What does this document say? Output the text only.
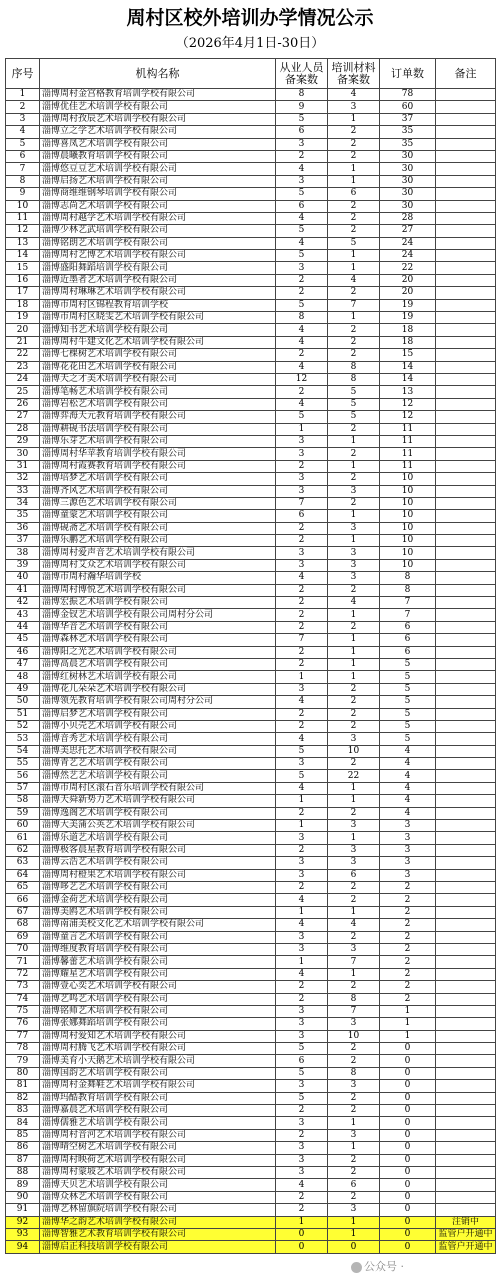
周村区校外培训办学情况公示
（2026年4月1日-30日）
序号	机构名称	从业人员备案数	培训材料备案数	订单数	备注
1	淄博周村金宫格教育培训学校有限公司	8	4	78	
2	淄博优佳艺术培训学校有限公司	9	3	60	
3	淄博周村孜辰艺术培训学校有限公司	5	1	37	
4	淄博立之学艺术培训学校有限公司	6	2	35	
5	淄博喜凤艺术培训学校有限公司	3	2	35	
6	淄博晨曦教育培训学校有限公司	2	2	30	
7	淄博悠豆豆艺术培训学校有限公司	4	1	30	
8	淄博启扬艺术培训学校有限公司	3	1	30	
9	淄博商维维钢琴培训学校有限公司	5	6	30	
10	淄博志尚艺术培训学校有限公司	6	2	30	
11	淄博周村越学艺术培训学校有限公司	4	2	28	
12	淄博少林艺武培训学校有限公司	5	2	27	
13	淄博铭朗艺术培训学校有限公司	4	5	24	
14	淄博周村艺博艺术培训学校有限公司	5	1	24	
15	淄博盛阳舞蹈培训学校有限公司	3	1	22	
16	淄博近墨者艺术培训学校有限公司	2	4	20	
17	淄博周村琳琳艺术培训学校有限公司	2	2	20	
18	淄博市周村区锦程教育培训学校	5	7	19	
19	淄博市周村区晓雯艺术培训学校有限公司	8	1	19	
20	淄博知书艺术培训学校有限公司	4	2	18	
21	淄博周村牛建文化艺术培训学校有限公司	4	2	18	
22	淄博七棵树艺术培训学校有限公司	2	2	15	
23	淄博花花田艺术培训学校有限公司	4	8	14	
24	淄博天之才美术培训学校有限公司	12	8	14	
25	淄博笔畅艺术培训学校有限公司	2	5	13	
26	淄博岩松艺术培训学校有限公司	4	5	12	
27	淄博弈海天元教育培训学校有限公司	5	5	12	
28	淄博耕砚书法培训学校有限公司	1	2	11	
29	淄博乐芽艺术培训学校有限公司	3	1	11	
30	淄博周村华苹教育培训学校有限公司	3	2	11	
31	淄博周村霞赛教育培训学校有限公司	2	1	11	
32	淄博培梦艺术培训学校有限公司	3	2	10	
33	淄博齐风艺术培训学校有限公司	3	3	10	
34	淄博三源色艺术培训学校有限公司	7	2	10	
35	淄博童蒙艺术培训学校有限公司	6	1	10	
36	淄博砚斋艺术培训学校有限公司	2	3	10	
37	淄博乐鹏艺术培训学校有限公司	2	1	10	
38	淄博周村爱声音艺术培训学校有限公司	3	3	10	
39	淄博周村艾众艺术培训学校有限公司	3	3	10	
40	淄博市周村瀚华培训学校	4	3	8	
41	淄博周村博悦艺术培训学校有限公司	2	2	8	
42	淄博宏振艺术培训学校有限公司	2	4	7	
43	淄博金钗艺术培训学校有限公司周村分公司	2	1	7	
44	淄博华音艺术培训学校有限公司	2	2	6	
45	淄博森林艺术培训学校有限公司	7	1	6	
46	淄博阳之光艺术培训学校有限公司	2	1	6	
47	淄博高晨艺术培训学校有限公司	2	1	5	
48	淄博红树林艺术培训学校有限公司	1	1	5	
49	淄博花儿朵朵艺术培训学校有限公司	3	2	5	
50	淄博领先教育培训学校有限公司周村分公司	4	2	5	
51	淄博启梦艺术培训学校有限公司	2	2	5	
52	淄博小贝壳艺术培训学校有限公司	2	2	5	
53	淄博音秀艺术培训学校有限公司	4	3	5	
54	淄博美思托艺术培训学校有限公司	5	10	4	
55	淄博青艺艺术培训学校有限公司	3	2	4	
56	淄博然艺艺术培训学校有限公司	5	22	4	
57	淄博市周村区滚石音乐培训学校有限公司	4	1	4	
58	淄博天舜新势力艺术培训学校有限公司	1	1	4	
59	淄博逸阁艺术培训学校有限公司	2	2	4	
60	淄博大美蒲公英艺术培训学校有限公司	1	3	3	
61	淄博乐道艺术培训学校有限公司	3	1	3	
62	淄博极客晨星教育培训学校有限公司	2	3	3	
63	淄博云浩艺术培训学校有限公司	3	3	3	
64	淄博周村橙果艺术培训学校有限公司	3	6	3	
65	淄博哆艺艺术培训学校有限公司	2	2	2	
66	淄博金荷艺术培训学校有限公司	4	2	2	
67	淄博美鸥艺术培训学校有限公司	1	1	2	
68	淄博南浦美校文化艺术培训学校有限公司	4	4	2	
69	淄博童言艺术培训学校有限公司	3	2	2	
70	淄博维度教育培训学校有限公司	3	3	2	
71	淄博馨蕾艺术培训学校有限公司	1	7	2	
72	淄博耀星艺术培训学校有限公司	4	1	2	
73	淄博壹心奕艺术培训学校有限公司	2	2	2	
74	淄博艺鸣艺术培训学校有限公司	2	8	2	
75	淄博铭师艺术培训学校有限公司	3	7	1	
76	淄博张娜舞蹈培训学校有限公司	3	3	1	
77	淄博周村爱知艺术培训学校有限公司	3	10	1	
78	淄博周村腾飞艺术培训学校有限公司	5	2	0	
79	淄博美育小天鹅艺术培训学校有限公司	6	2	0	
80	淄博国韵艺术培训学校有限公司	5	8	0	
81	淄博周村金舞鞋艺术培训学校有限公司	3	3	0	
82	淄博玛酷教育培训学校有限公司	5	2	0	
83	淄博嘉晨艺术培训学校有限公司	2	2	0	
84	淄博儒雅艺术培训学校有限公司	3	1	0	
85	淄博周村音河艺术培训学校有限公司	2	3	0	
86	淄博晴空树艺术培训学校有限公司	3	1	0	
87	淄博周村映荷艺术培训学校有限公司	3	2	0	
88	淄博周村蒙坡艺术培训学校有限公司	3	2	0	
89	淄博天贝艺术培训学校有限公司	4	6	0	
90	淄博众林艺术培训学校有限公司	2	2	0	
91	淄博艺林留旗院培训学校有限公司	2	3	0	
92	淄博华之韵艺术培训学校有限公司	1	1	0	注销中
93	淄博智雅艺术教育培训学校有限公司	0	1	0	监管户开通中
94	淄博启正科技培训学校有限公司	0	0	0	监管户开通中
公众号 ·
